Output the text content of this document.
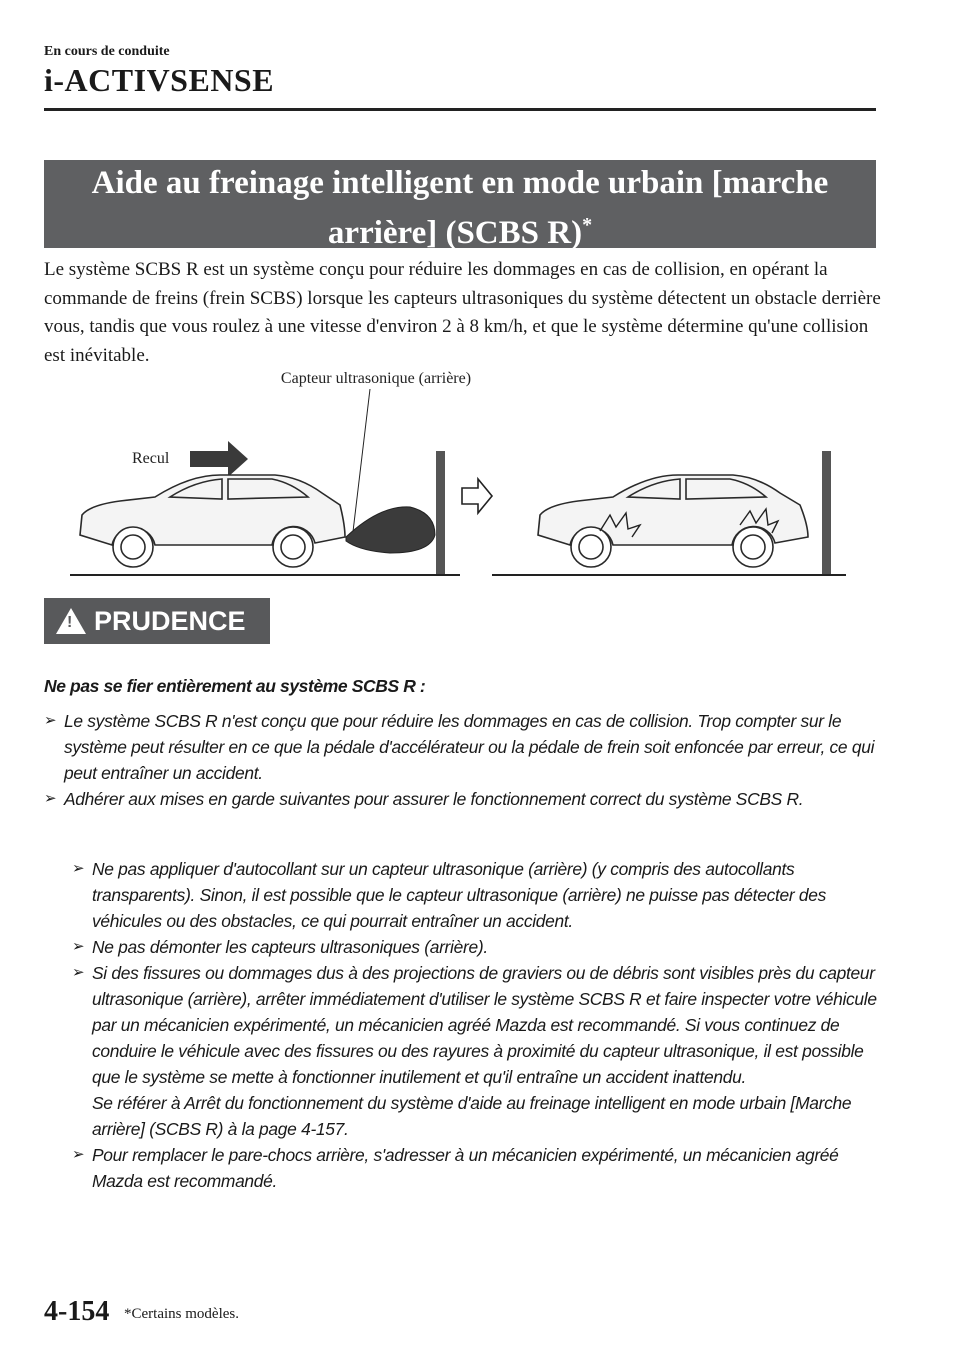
En cours de conduite
i-ACTIVSENSE
Aide au freinage intelligent en mode urbain [marche
arrière] (SCBS R)*
Le système SCBS R est un système conçu pour réduire les dommages en cas de collision, en opérant la commande de freins (frein SCBS) lorsque les capteurs ultrasoniques du système détectent un obstacle derrière vous, tandis que vous roulez à une vitesse d'environ 2 à 8 km/h, et que le système détermine qu'une collision est inévitable.
Capteur ultrasonique (arrière)
Recul
!
PRUDENCE
Ne pas se fier entièrement au système SCBS R :
➢ Le système SCBS R n'est conçu que pour réduire les dommages en cas de collision. Trop compter sur le système peut résulter en ce que la pédale d'accélérateur ou la pédale de frein soit enfoncée par erreur, ce qui peut entraîner un accident.
➢ Adhérer aux mises en garde suivantes pour assurer le fonctionnement correct du système SCBS R.
➢ Ne pas appliquer d'autocollant sur un capteur ultrasonique (arrière) (y compris des autocollants transparents). Sinon, il est possible que le capteur ultrasonique (arrière) ne puisse pas détecter des véhicules ou des obstacles, ce qui pourrait entraîner un accident.
➢ Ne pas démonter les capteurs ultrasoniques (arrière).
➢ Si des fissures ou dommages dus à des projections de graviers ou de débris sont visibles près du capteur ultrasonique (arrière), arrêter immédiatement d'utiliser le système SCBS R et faire inspecter votre véhicule par un mécanicien expérimenté, un mécanicien agréé Mazda est recommandé. Si vous continuez de conduire le véhicule avec des fissures ou des rayures à proximité du capteur ultrasonique, il est possible que le système se mette à fonctionner inutilement et qu'il entraîne un accident inattendu.
Se référer à Arrêt du fonctionnement du système d'aide au freinage intelligent en mode urbain [Marche arrière] (SCBS R) à la page 4-157.
➢ Pour remplacer le pare-chocs arrière, s'adresser à un mécanicien expérimenté, un mécanicien agréé Mazda est recommandé.
4-154 *Certains modèles.
